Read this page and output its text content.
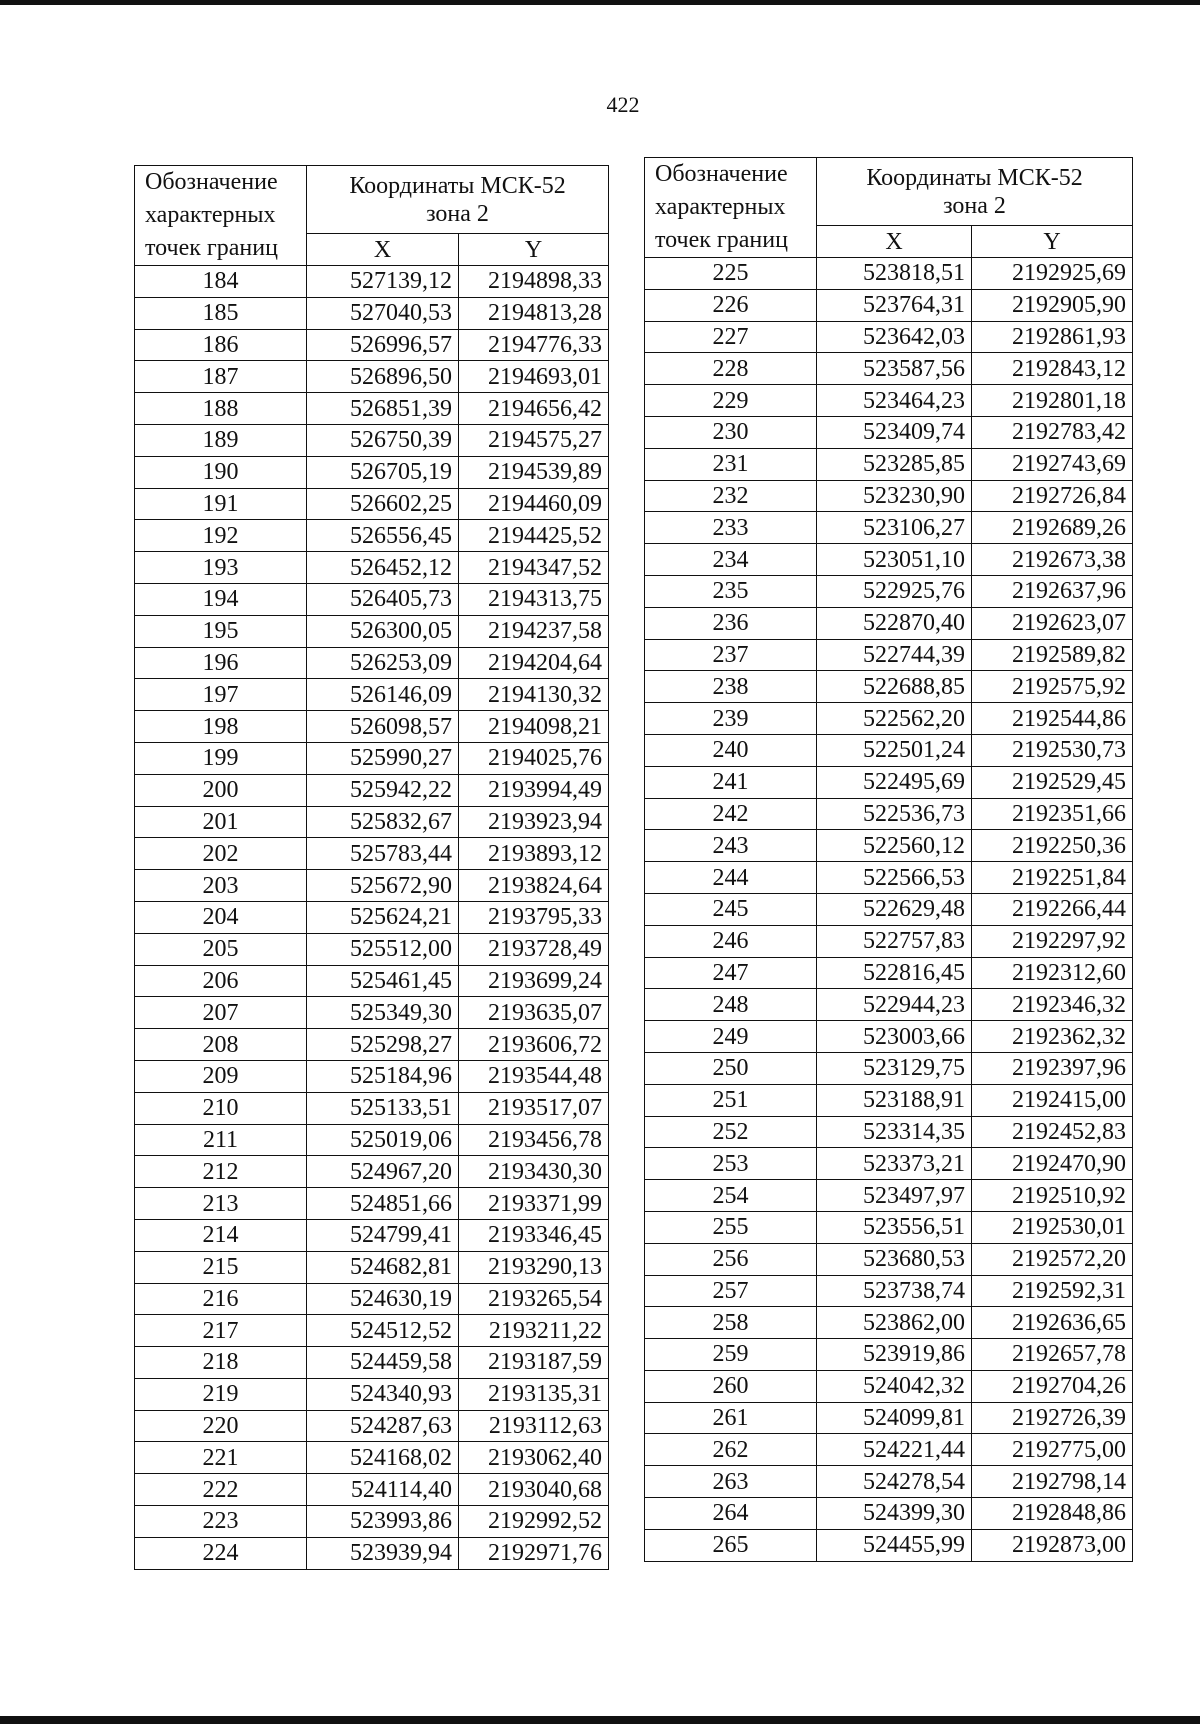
422
Обозначение
характерных
точек границ	Координаты МСК-52
зона 2	
	X	Y
184	527139,12	2194898,33
185	527040,53	2194813,28
186	526996,57	2194776,33
187	526896,50	2194693,01
188	526851,39	2194656,42
189	526750,39	2194575,27
190	526705,19	2194539,89
191	526602,25	2194460,09
192	526556,45	2194425,52
193	526452,12	2194347,52
194	526405,73	2194313,75
195	526300,05	2194237,58
196	526253,09	2194204,64
197	526146,09	2194130,32
198	526098,57	2194098,21
199	525990,27	2194025,76
200	525942,22	2193994,49
201	525832,67	2193923,94
202	525783,44	2193893,12
203	525672,90	2193824,64
204	525624,21	2193795,33
205	525512,00	2193728,49
206	525461,45	2193699,24
207	525349,30	2193635,07
208	525298,27	2193606,72
209	525184,96	2193544,48
210	525133,51	2193517,07
211	525019,06	2193456,78
212	524967,20	2193430,30
213	524851,66	2193371,99
214	524799,41	2193346,45
215	524682,81	2193290,13
216	524630,19	2193265,54
217	524512,52	2193211,22
218	524459,58	2193187,59
219	524340,93	2193135,31
220	524287,63	2193112,63
221	524168,02	2193062,40
222	524114,40	2193040,68
223	523993,86	2192992,52
224	523939,94	2192971,76
Обозначение
характерных
точек границ	Координаты МСК-52
зона 2	
	X	Y
225	523818,51	2192925,69
226	523764,31	2192905,90
227	523642,03	2192861,93
228	523587,56	2192843,12
229	523464,23	2192801,18
230	523409,74	2192783,42
231	523285,85	2192743,69
232	523230,90	2192726,84
233	523106,27	2192689,26
234	523051,10	2192673,38
235	522925,76	2192637,96
236	522870,40	2192623,07
237	522744,39	2192589,82
238	522688,85	2192575,92
239	522562,20	2192544,86
240	522501,24	2192530,73
241	522495,69	2192529,45
242	522536,73	2192351,66
243	522560,12	2192250,36
244	522566,53	2192251,84
245	522629,48	2192266,44
246	522757,83	2192297,92
247	522816,45	2192312,60
248	522944,23	2192346,32
249	523003,66	2192362,32
250	523129,75	2192397,96
251	523188,91	2192415,00
252	523314,35	2192452,83
253	523373,21	2192470,90
254	523497,97	2192510,92
255	523556,51	2192530,01
256	523680,53	2192572,20
257	523738,74	2192592,31
258	523862,00	2192636,65
259	523919,86	2192657,78
260	524042,32	2192704,26
261	524099,81	2192726,39
262	524221,44	2192775,00
263	524278,54	2192798,14
264	524399,30	2192848,86
265	524455,99	2192873,00
